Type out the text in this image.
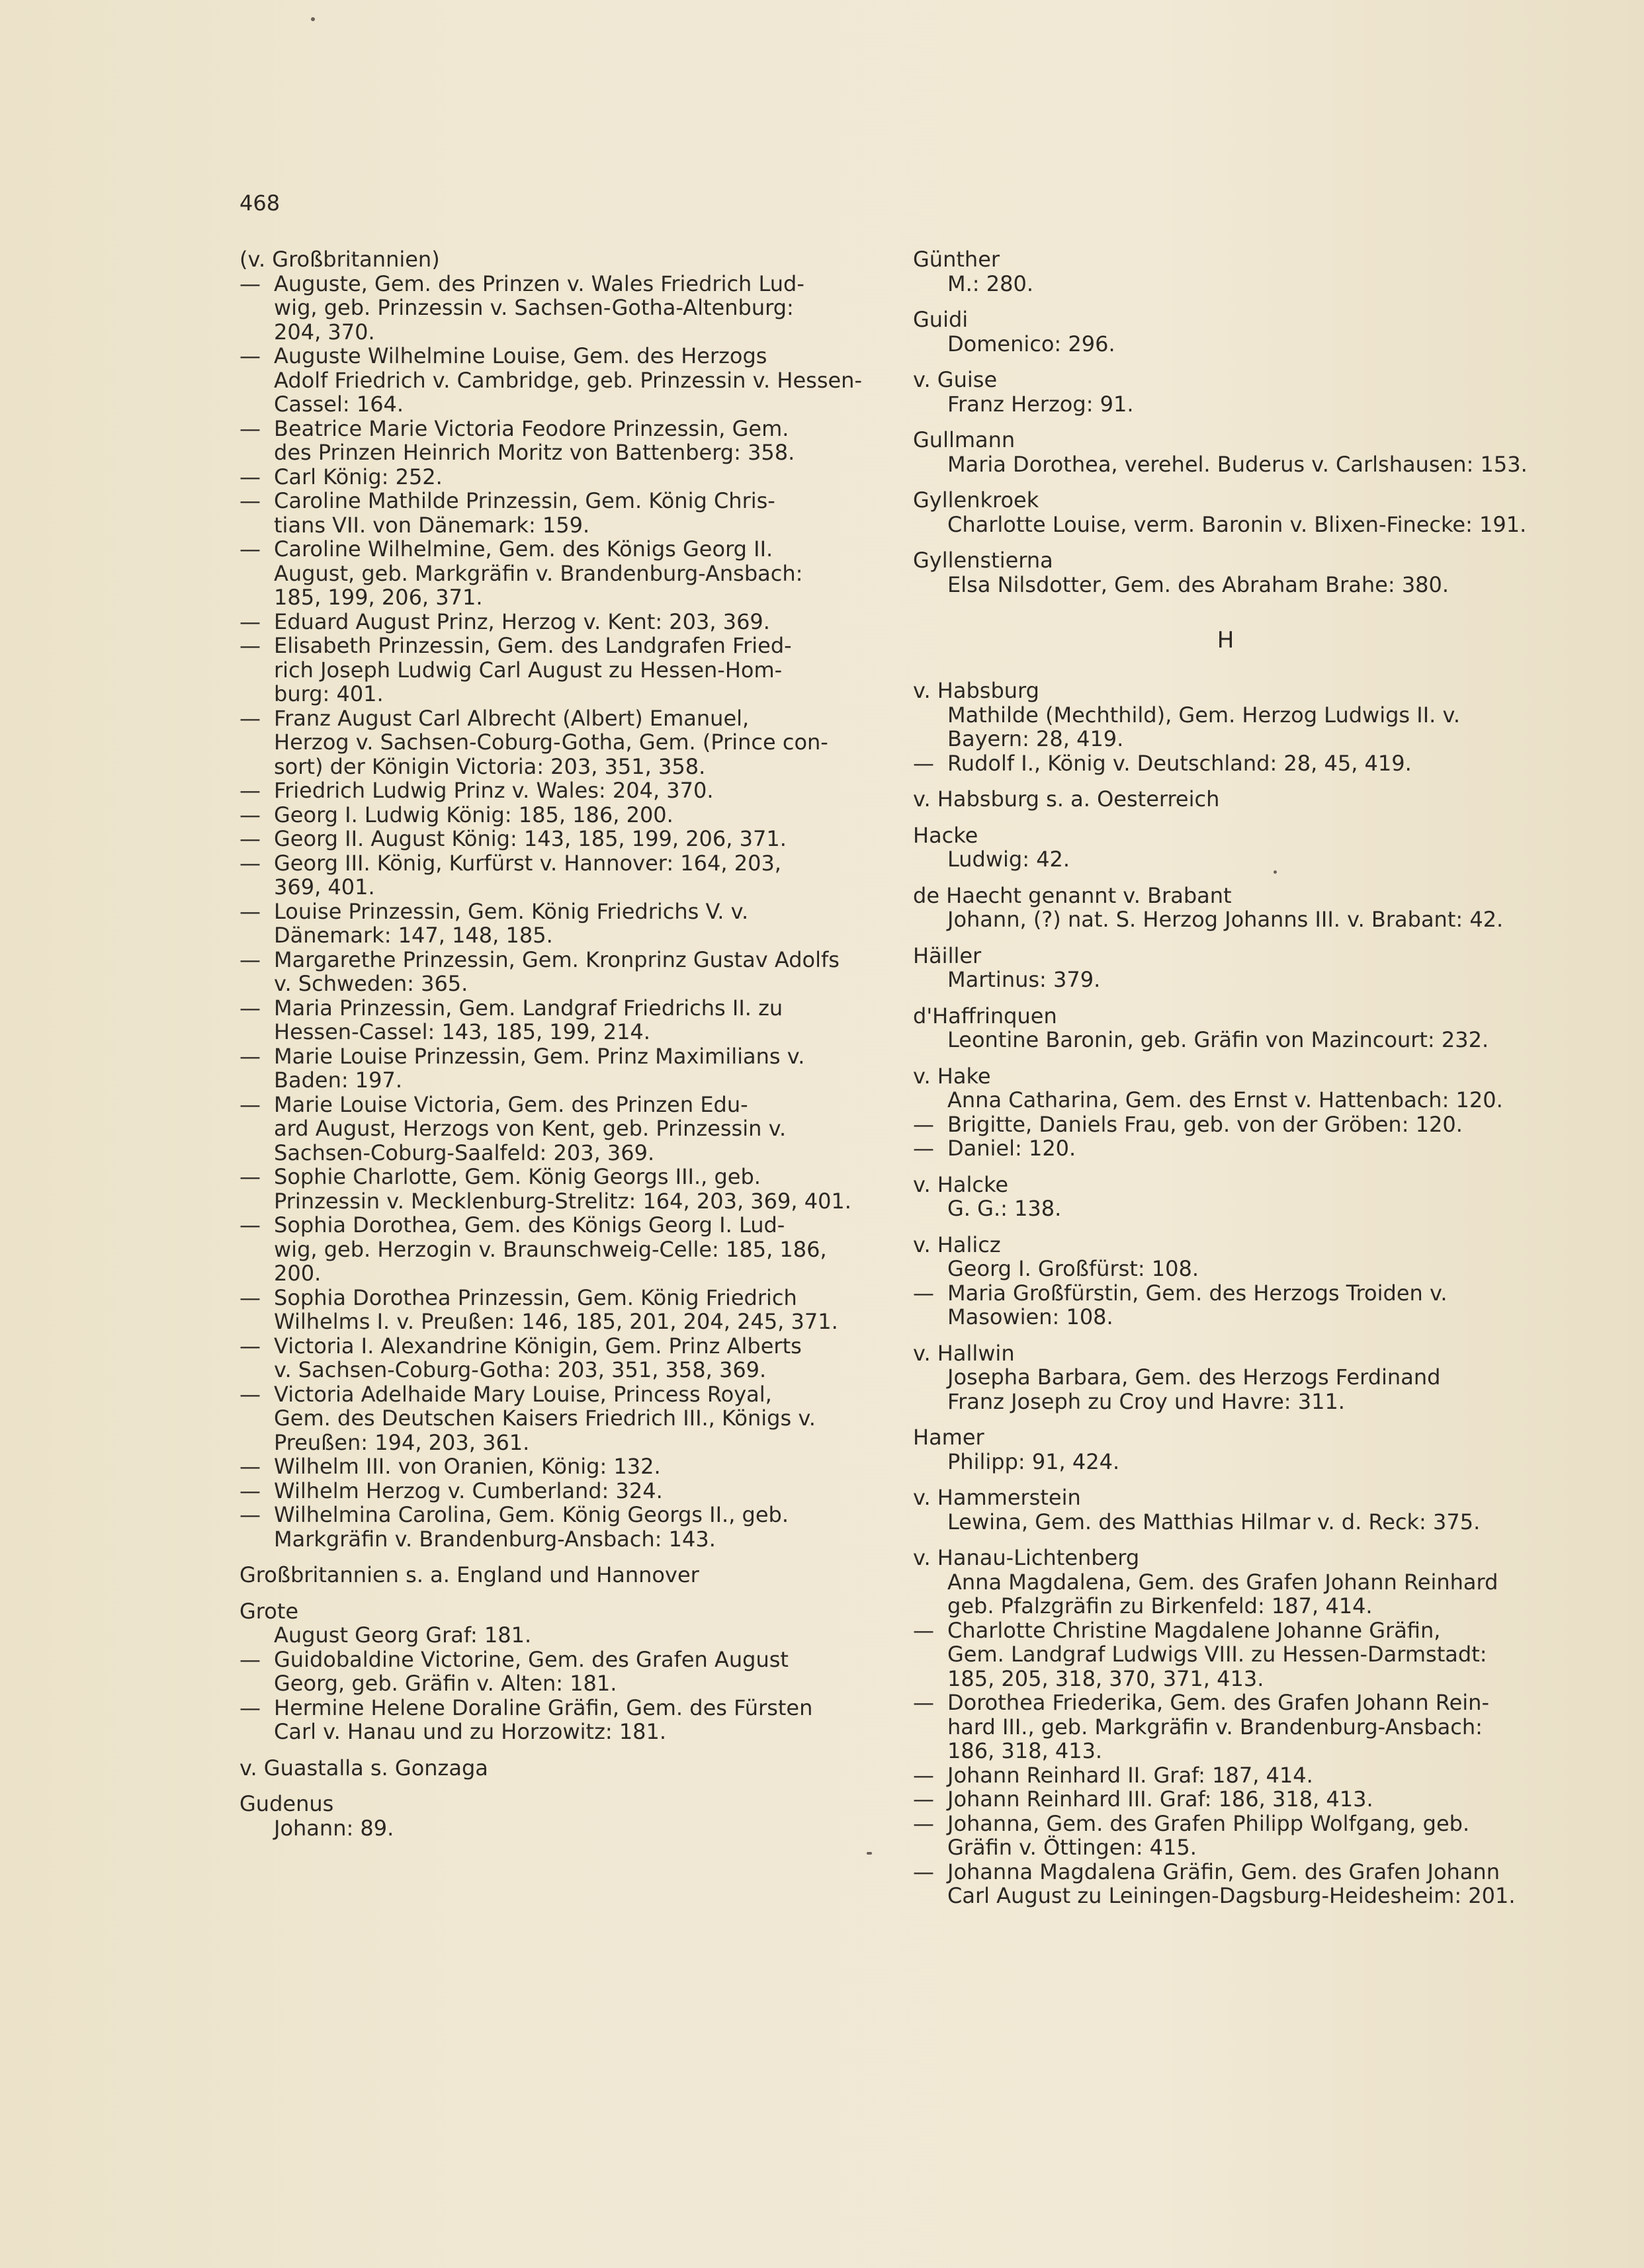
468
(v. Großbritannien)
— Auguste, Gem. des Prinzen v. Wales Friedrich Lud-
wig, geb. Prinzessin v. Sachsen-Gotha-Altenburg:
204, 370.
— Auguste Wilhelmine Louise, Gem. des Herzogs
Adolf Friedrich v. Cambridge, geb. Prinzessin v. Hessen-
Cassel: 164.
— Beatrice Marie Victoria Feodore Prinzessin, Gem.
des Prinzen Heinrich Moritz von Battenberg: 358.
— Carl König: 252.
— Caroline Mathilde Prinzessin, Gem. König Chris-
tians VII. von Dänemark: 159.
— Caroline Wilhelmine, Gem. des Königs Georg II.
August, geb. Markgräfin v. Brandenburg-Ansbach:
185, 199, 206, 371.
— Eduard August Prinz, Herzog v. Kent: 203, 369.
— Elisabeth Prinzessin, Gem. des Landgrafen Fried-
rich Joseph Ludwig Carl August zu Hessen-Hom-
burg: 401.
— Franz August Carl Albrecht (Albert) Emanuel,
Herzog v. Sachsen-Coburg-Gotha, Gem. (Prince con-
sort) der Königin Victoria: 203, 351, 358.
— Friedrich Ludwig Prinz v. Wales: 204, 370.
— Georg I. Ludwig König: 185, 186, 200.
— Georg II. August König: 143, 185, 199, 206, 371.
— Georg III. König, Kurfürst v. Hannover: 164, 203,
369, 401.
— Louise Prinzessin, Gem. König Friedrichs V. v.
Dänemark: 147, 148, 185.
— Margarethe Prinzessin, Gem. Kronprinz Gustav Adolfs
v. Schweden: 365.
— Maria Prinzessin, Gem. Landgraf Friedrichs II. zu
Hessen-Cassel: 143, 185, 199, 214.
— Marie Louise Prinzessin, Gem. Prinz Maximilians v.
Baden: 197.
— Marie Louise Victoria, Gem. des Prinzen Edu-
ard August, Herzogs von Kent, geb. Prinzessin v.
Sachsen-Coburg-Saalfeld: 203, 369.
— Sophie Charlotte, Gem. König Georgs III., geb.
Prinzessin v. Mecklenburg-Strelitz: 164, 203, 369, 401.
— Sophia Dorothea, Gem. des Königs Georg I. Lud-
wig, geb. Herzogin v. Braunschweig-Celle: 185, 186,
200.
— Sophia Dorothea Prinzessin, Gem. König Friedrich
Wilhelms I. v. Preußen: 146, 185, 201, 204, 245, 371.
— Victoria I. Alexandrine Königin, Gem. Prinz Alberts
v. Sachsen-Coburg-Gotha: 203, 351, 358, 369.
— Victoria Adelhaide Mary Louise, Princess Royal,
Gem. des Deutschen Kaisers Friedrich III., Königs v.
Preußen: 194, 203, 361.
— Wilhelm III. von Oranien, König: 132.
— Wilhelm Herzog v. Cumberland: 324.
— Wilhelmina Carolina, Gem. König Georgs II., geb.
Markgräfin v. Brandenburg-Ansbach: 143.
Großbritannien s. a. England und Hannover
Grote
August Georg Graf: 181.
— Guidobaldine Victorine, Gem. des Grafen August
Georg, geb. Gräfin v. Alten: 181.
— Hermine Helene Doraline Gräfin, Gem. des Fürsten
Carl v. Hanau und zu Horzowitz: 181.
v. Guastalla s. Gonzaga
Gudenus
Johann: 89.
Günther
M.: 280.
Guidi
Domenico: 296.
v. Guise
Franz Herzog: 91.
Gullmann
Maria Dorothea, verehel. Buderus v. Carlshausen: 153.
Gyllenkroek
Charlotte Louise, verm. Baronin v. Blixen-Finecke: 191.
Gyllenstierna
Elsa Nilsdotter, Gem. des Abraham Brahe: 380.
H
v. Habsburg
Mathilde (Mechthild), Gem. Herzog Ludwigs II. v.
Bayern: 28, 419.
— Rudolf I., König v. Deutschland: 28, 45, 419.
v. Habsburg s. a. Oesterreich
Hacke
Ludwig: 42.
de Haecht genannt v. Brabant
Johann, (?) nat. S. Herzog Johanns III. v. Brabant: 42.
Häiller
Martinus: 379.
d'Haffrinquen
Leontine Baronin, geb. Gräfin von Mazincourt: 232.
v. Hake
Anna Catharina, Gem. des Ernst v. Hattenbach: 120.
— Brigitte, Daniels Frau, geb. von der Gröben: 120.
— Daniel: 120.
v. Halcke
G. G.: 138.
v. Halicz
Georg I. Großfürst: 108.
— Maria Großfürstin, Gem. des Herzogs Troiden v.
Masowien: 108.
v. Hallwin
Josepha Barbara, Gem. des Herzogs Ferdinand
Franz Joseph zu Croy und Havre: 311.
Hamer
Philipp: 91, 424.
v. Hammerstein
Lewina, Gem. des Matthias Hilmar v. d. Reck: 375.
v. Hanau-Lichtenberg
Anna Magdalena, Gem. des Grafen Johann Reinhard
geb. Pfalzgräfin zu Birkenfeld: 187, 414.
— Charlotte Christine Magdalene Johanne Gräfin,
Gem. Landgraf Ludwigs VIII. zu Hessen-Darmstadt:
185, 205, 318, 370, 371, 413.
— Dorothea Friederika, Gem. des Grafen Johann Rein-
hard III., geb. Markgräfin v. Brandenburg-Ansbach:
186, 318, 413.
— Johann Reinhard II. Graf: 187, 414.
— Johann Reinhard III. Graf: 186, 318, 413.
— Johanna, Gem. des Grafen Philipp Wolfgang, geb.
Gräfin v. Öttingen: 415.
— Johanna Magdalena Gräfin, Gem. des Grafen Johann
Carl August zu Leiningen-Dagsburg-Heidesheim: 201.
